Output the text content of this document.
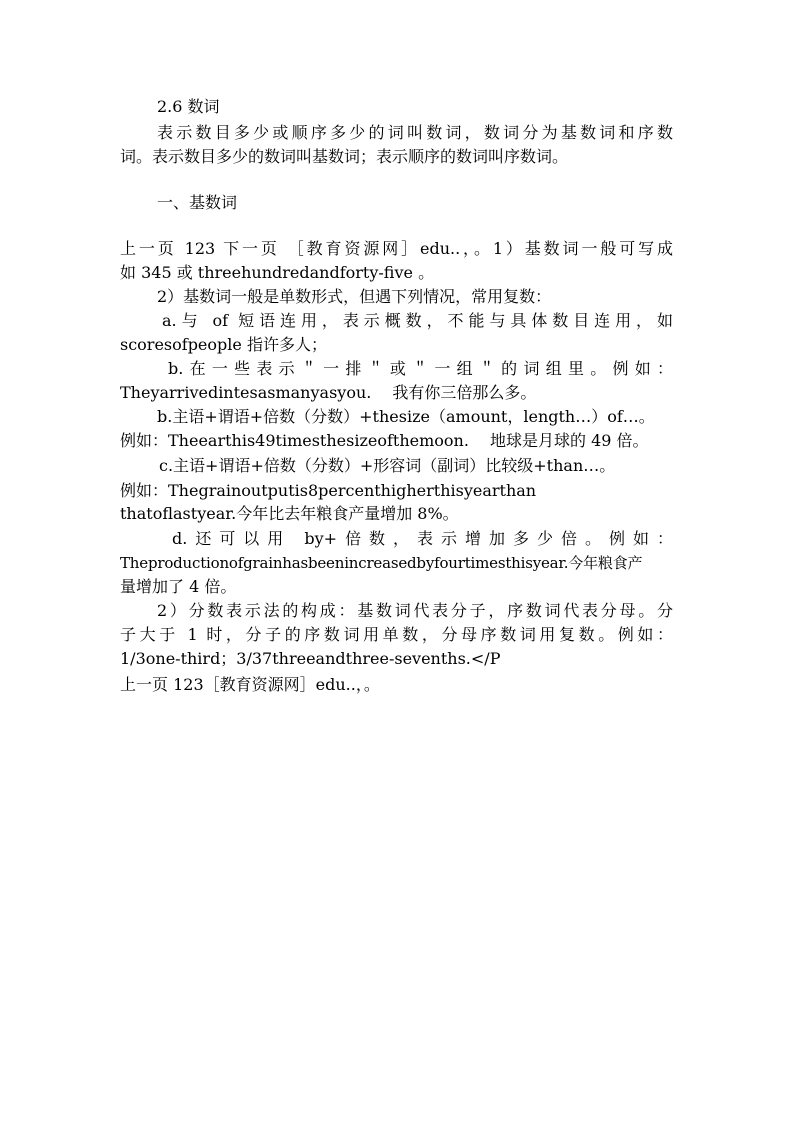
2.6 数词
表示数目多少或顺序多少的词叫数词，数词分为基数词和序数
词。表示数目多少的数词叫基数词；表示顺序的数词叫序数词。
一、基数词
上一页 123 下一页 ［教育资源网］edu..，。1）基数词一般可写成
如 345 或 threehundredandforty-five 。
2）基数词一般是单数形式，但遇下列情况，常用复数：
a.与 of 短语连用，表示概数，不能与具体数目连用，如
scoresofpeople 指许多人；
b.在一些表示＂一排＂或＂一组＂的词组里。例如：
Theyarrivedintesasmanyasyou.　 我有你三倍那么多。
b.主语+谓语+倍数（分数）+thesize（amount，length…）of…。
例如：Theearthis49timesthesizeofthemoon.　 地球是月球的 49 倍。
c.主语+谓语+倍数（分数）+形容词（副词）比较级+than…。
例如：Thegrainoutputis8percenthigherthisyearthan
thatoflastyear.今年比去年粮食产量增加 8%。
d.还可以用 by+倍数，表示增加多少倍。例如：
Theproductionofgrainhasbeenincreasedbyfourtimesthisyear.今年粮食产
量增加了 4 倍。
2）分数表示法的构成：基数词代表分子，序数词代表分母。分
子大于 1 时，分子的序数词用单数，分母序数词用复数。例如：
1/3one-third；3/37threeandthree-sevenths.</P
上一页 123［教育资源网］edu..，。
